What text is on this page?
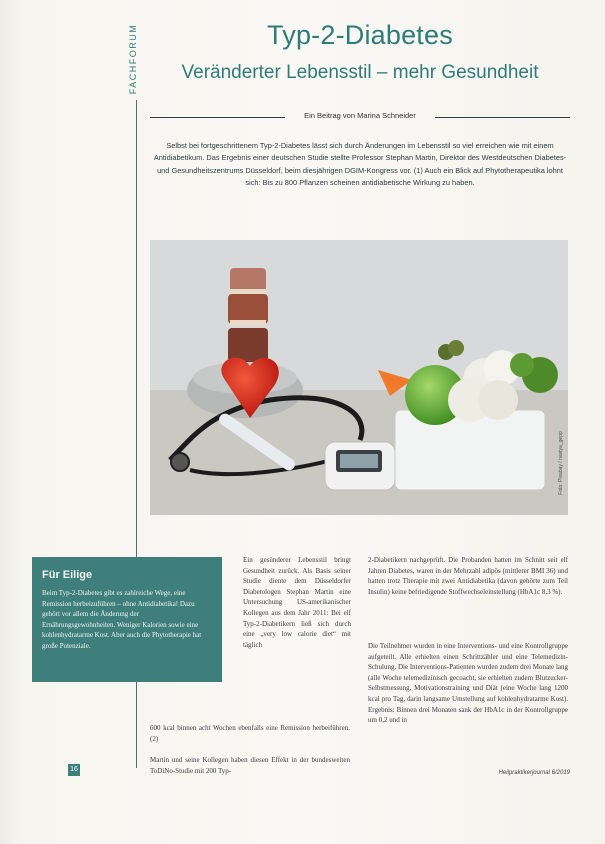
FACHFORUM	Typ-2-Diabetes
Veränderter Lebensstil – mehr Gesundheit
Ein Beitrag von Marina Schneider
Selbst bei fortgeschrittenem Typ-2-Diabetes lässt sich durch Änderungen im Lebensstil so viel erreichen wie mit einem Antidiabetikum. Das Ergebnis einer deutschen Studie stellte Professor Stephan Martin, Direktor des Westdeutschen Diabetes- und Gesundheitszentrums Düsseldorf, beim diesjährigen DGIM-Kongress vor. (1) Auch ein Blick auf Phytotherapeutika lohnt sich: Bis zu 800 Pflanzen scheinen antidiabetische Wirkung zu haben.
Foto: Pixabay / nastya_gepp
Für Eilige
Beim Typ-2-Diabetes gibt es zahlreiche Wege, eine Remission herbeizuführen – ohne Antidiabetika! Dazu gehört vor allem die Änderung der Ernährungsgewohnheiten. Weniger Kalorien sowie eine kohlenhydratarme Kost. Aber auch die Phytotherapie hat große Potenziale.
Ein gesünderer Lebensstil bringt Gesundheit zurück. Als Basis seiner Studie diente dem Düsseldorfer Diabetologen Stephan Martin eine Untersuchung US-amerikanischer Kollegen aus dem Jahr 2011: Bei elf Typ-2-Diabetikern ließ sich durch eine „very low calorie diet“ mit täglich
600 kcal binnen acht Wochen ebenfalls eine Remission herbeiführen. (2)
Martin und seine Kollegen haben diesen Effekt in der bundesweiten ToDiNo-Studie mit 200 Typ-
2-Diabetikern nachgeprüft. Die Probanden hatten im Schnitt seit elf Jahren Diabetes, waren in der Mehrzahl adipös (mittlerer BMI 36) und hatten trotz Therapie mit zwei Antidiabetika (davon gehörte zum Teil Insulin) keine befriedigende Stoffwechseleinstellung (HbA1c 8,3 %).
Die Teilnehmer wurden in eine Interventions- und eine Kontrollgruppe aufgeteilt. Alle erhielten einen Schrittzähler und eine Telemedizin-Schulung. Die Interventions-Patienten wurden zudem drei Monate lang (alle Woche telemedizinisch gecoacht, sie erhielten zudem Blutzucker-Selbstmessung, Motivationstraining und Diät (eine Woche lang 1200 kcal pro Tag, darin langsame Umstellung auf kohlenhydratarme Kost). Ergebnis: Binnen drei Monaten sank der HbA1c in der Kontrollgruppe um 0,2 und in
16	Heilpraktikerjournal 6/2019
